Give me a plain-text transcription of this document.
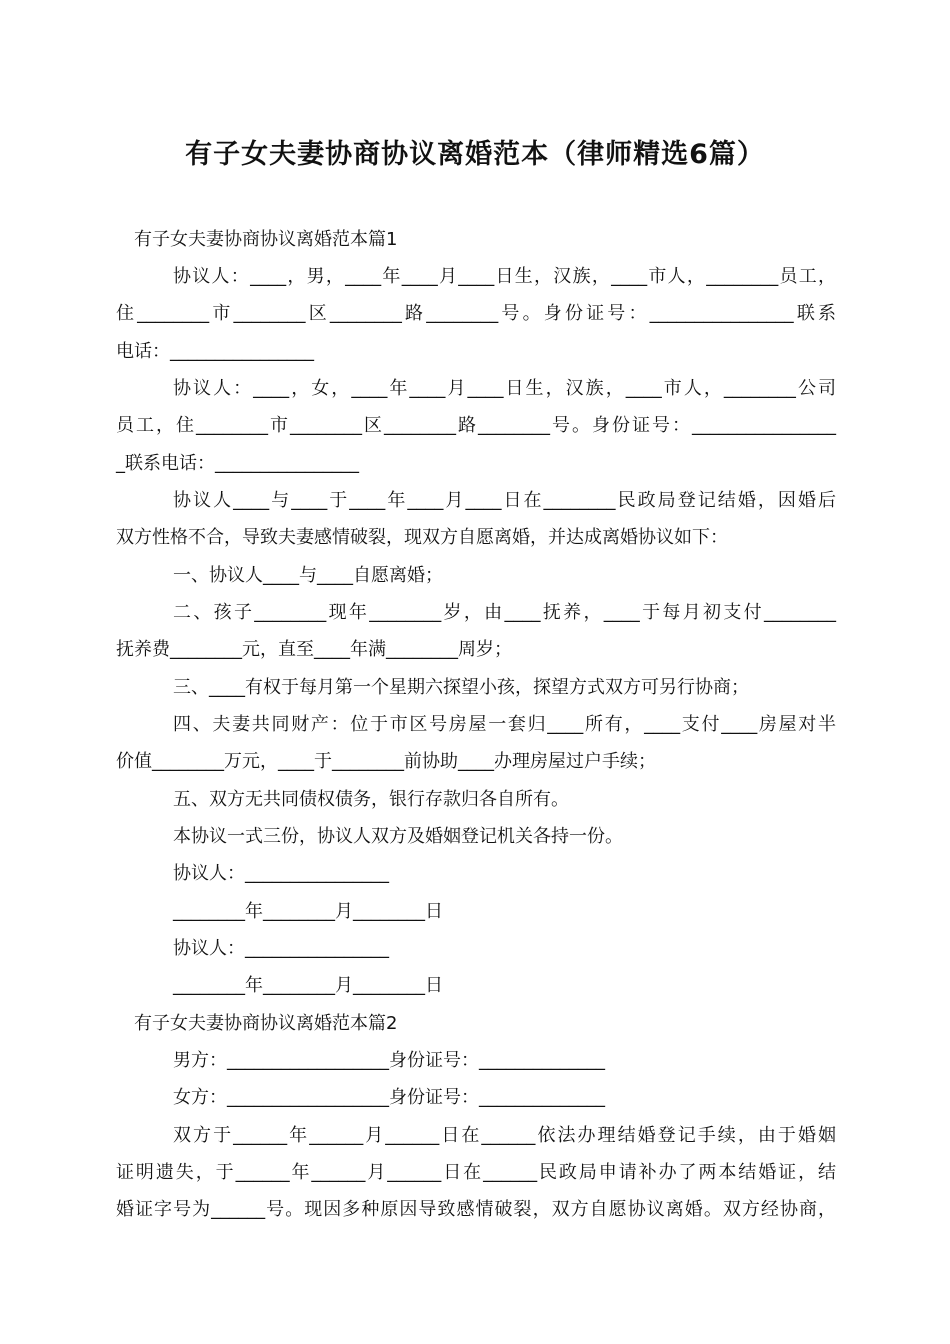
有子女夫妻协商协议离婚范本（律师精选6篇）
有子女夫妻协商协议离婚范本篇1
协议人：____，男，____年____月____日生，汉族，____市人，________员工，
住________市________区________路________号。身份证号：________________联系
电话：________________
协议人：____，女，____年____月____日生，汉族，____市人，________公司
员工，住________市________区________路________号。身份证号：________________
_联系电话：________________
协议人____与____于____年____月____日在________民政局登记结婚，因婚后
双方性格不合，导致夫妻感情破裂，现双方自愿离婚，并达成离婚协议如下：
一、协议人____与____自愿离婚；
二、孩子________现年________岁，由____抚养，____于每月初支付________
抚养费________元，直至____年满________周岁；
三、____有权于每月第一个星期六探望小孩，探望方式双方可另行协商；
四、夫妻共同财产：位于市区号房屋一套归____所有，____支付____房屋对半
价值________万元，____于________前协助____办理房屋过户手续；
五、双方无共同债权债务，银行存款归各自所有。
本协议一式三份，协议人双方及婚姻登记机关各持一份。
协议人：________________
________年________月________日
协议人：________________
________年________月________日
有子女夫妻协商协议离婚范本篇2
男方：__________________身份证号：______________
女方：__________________身份证号：______________
双方于______年______月______日在______依法办理结婚登记手续，由于婚姻
证明遗失，于______年______月______日在______民政局申请补办了两本结婚证，结
婚证字号为______号。现因多种原因导致感情破裂，双方自愿协议离婚。双方经协商，
